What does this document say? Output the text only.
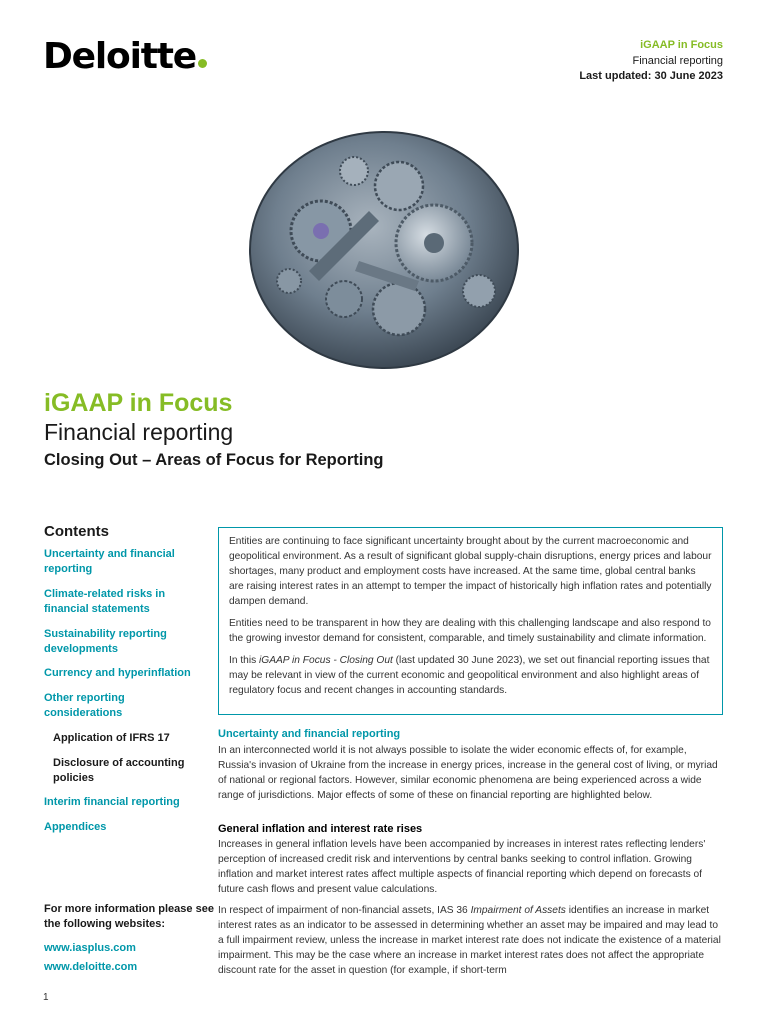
Deloitte	iGAAP in Focus
Financial reporting
Last updated: 30 June 2023
iGAAP in Focus
Financial reporting
Closing Out – Areas of Focus for Reporting
Contents
Uncertainty and financial reporting
Climate-related risks in financial statements
Sustainability reporting developments
Currency and hyperinflation
Other reporting considerations
Application of IFRS 17
Disclosure of accounting policies
Interim financial reporting
Appendices
For more information please see the following websites:
www.iasplus.com
www.deloitte.com

Entities are continuing to face significant uncertainty brought about by the current macroeconomic and geopolitical environment. As a result of significant global supply-chain disruptions, energy prices and labour shortages, many product and employment costs have increased. At the same time, global central banks are raising interest rates in an attempt to temper the impact of historically high inflation rates and potentially dampen demand.

Entities need to be transparent in how they are dealing with this challenging landscape and also respond to the growing investor demand for consistent, comparable, and timely sustainability and climate information.

In this iGAAP in Focus - Closing Out (last updated 30 June 2023), we set out financial reporting issues that may be relevant in view of the current economic and geopolitical environment and also highlight areas of regulatory focus and recent changes in accounting standards.

Uncertainty and financial reporting

In an interconnected world it is not always possible to isolate the wider economic effects of, for example, Russia's invasion of Ukraine from the increase in energy prices, increase in the general cost of living, or myriad of national or regional factors. However, similar economic phenomena are being experienced across a wide range of jurisdictions. Major effects of some of these on financial reporting are highlighted below.

General inflation and interest rate rises

Increases in general inflation levels have been accompanied by increases in interest rates reflecting lenders' perception of increased credit risk and interventions by central banks seeking to control inflation. Growing inflation and market interest rates affect multiple aspects of financial reporting which depend on forecasts of future cash flows and present value calculations.

In respect of impairment of non-financial assets, IAS 36 Impairment of Assets identifies an increase in market interest rates as an indicator to be assessed in determining whether an asset may be impaired and may lead to a full impairment review, unless the increase in market interest rate does not indicate the existence of a material impairment. This may be the case where an increase in market interest rates does not affect the appropriate discount rate for the asset in question (for example, if short-term

1
